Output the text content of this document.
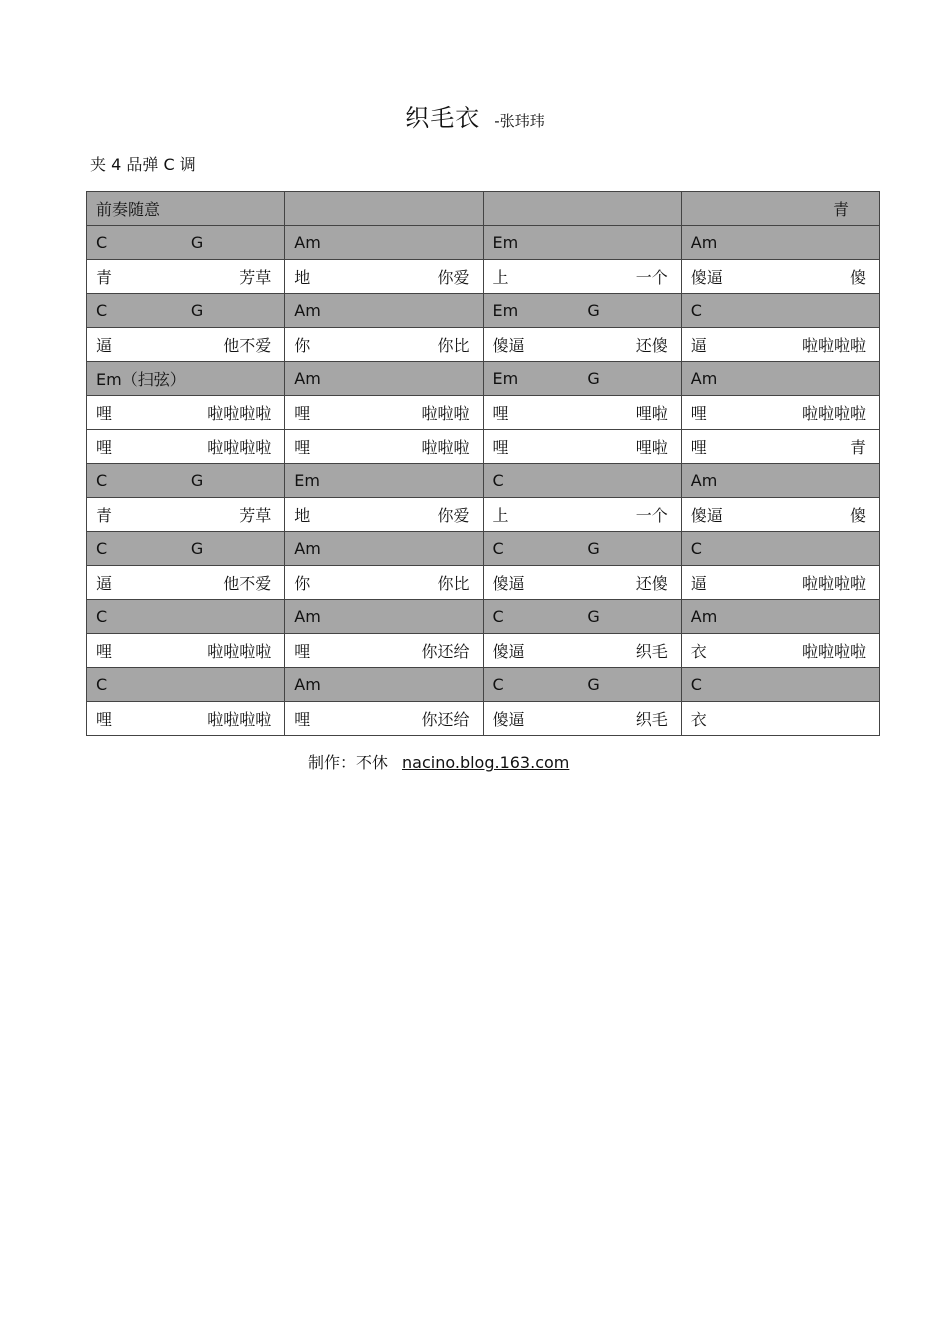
织毛衣 -张玮玮
夹 4 品弹 C 调
前奏随意			青

C G	Am	Em	Am

青 芳草	地 你爱	上 一个	傻逼 傻

C G	Am	Em G	C

逼 他不爱	你 你比	傻逼 还傻	逼 啦啦啦啦

Em（扫弦）	Am	Em G	Am

哩 啦啦啦啦	哩 啦啦啦	哩 哩啦	哩 啦啦啦啦

哩 啦啦啦啦	哩 啦啦啦	哩 哩啦	哩 青

C G	Em	C	Am

青 芳草	地 你爱	上 一个	傻逼 傻

C G	Am	C G	C

逼 他不爱	你 你比	傻逼 还傻	逼 啦啦啦啦

C	Am	C G	Am

哩 啦啦啦啦	哩 你还给	傻逼 织毛	衣 啦啦啦啦

C	Am	C G	C

哩 啦啦啦啦	哩 你还给	傻逼 织毛	衣
制作：不休 nacino.blog.163.com
